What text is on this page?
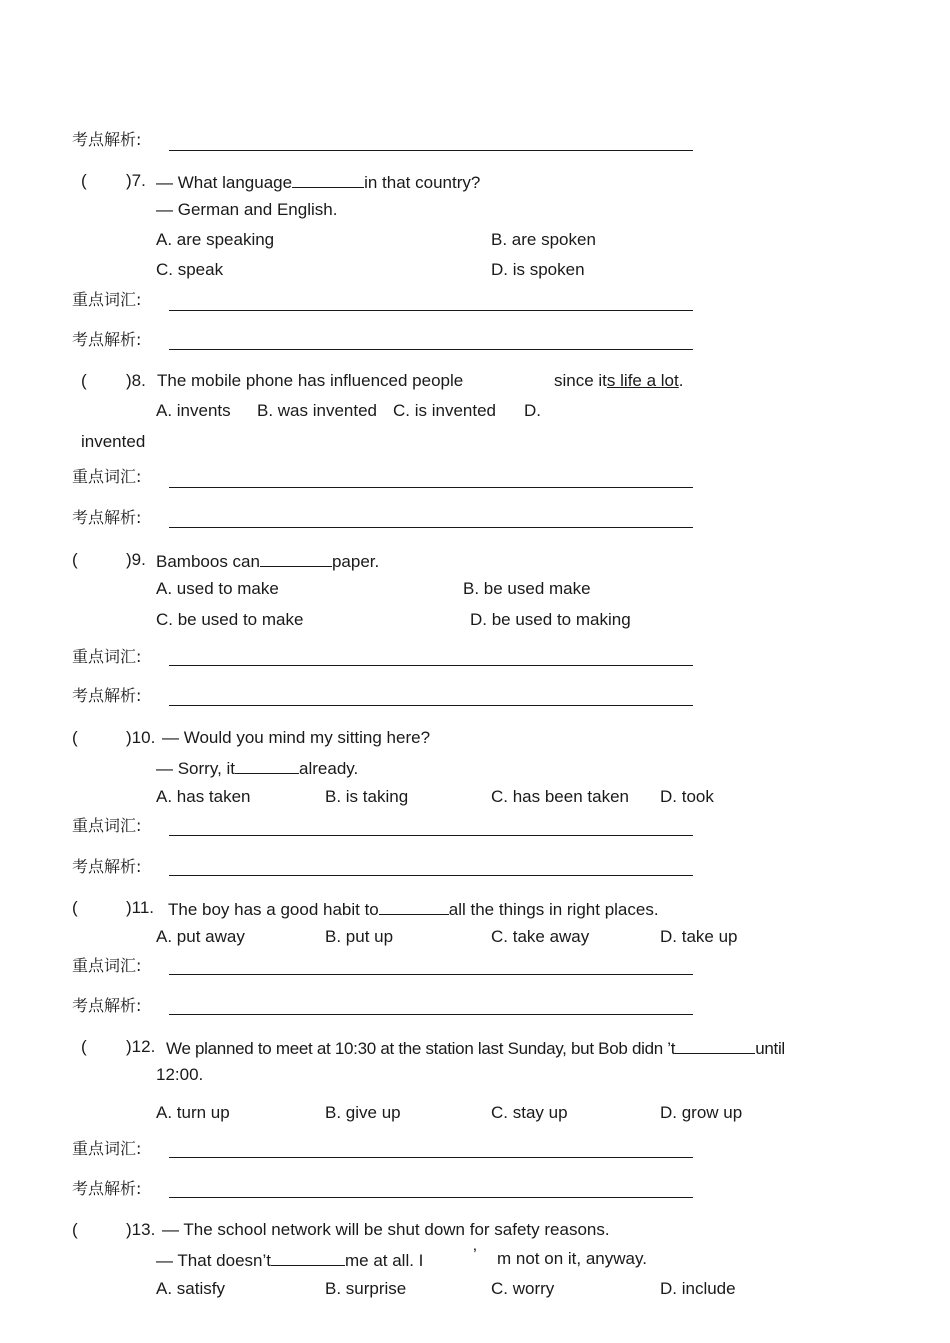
考点解析:
( )7. — What language	in that country?
— German and English.
A. are speaking	B. are spoken
C. speak	D. is spoken
重点词汇:
考点解析:
( )8. The mobile phone has influenced people	since its life a lot.
A. invents B. was invented C. is invented D.
invented
重点词汇:
考点解析:
(	)9. Bamboos can	paper.
A. used to make	B. be used make
C. be used to make	D. be used to making
重点词汇:
考点解析:
(	)10. — Would you mind my sitting here?
— Sorry, it	already.
A. has taken	B. is taking	C. has been taken D. took
重点词汇:
考点解析:
(	)11. The boy has a good habit to	all the things in right places.
A. put away	B. put up	C. take away	D. take up
重点词汇:
考点解析:
( )12. We planned to meet at 10:30 at the station last Sunday, but Bob didn ’t	until
12:00.
A. turn up	B. give up	C. stay up	D. grow up
重点词汇:
考点解析:
(	)13. — The school network will be shut down for safety reasons.
— That doesn’t	me at all. I	’ m not on it, anyway.
A. satisfy	B. surprise	C. worry	D. include
